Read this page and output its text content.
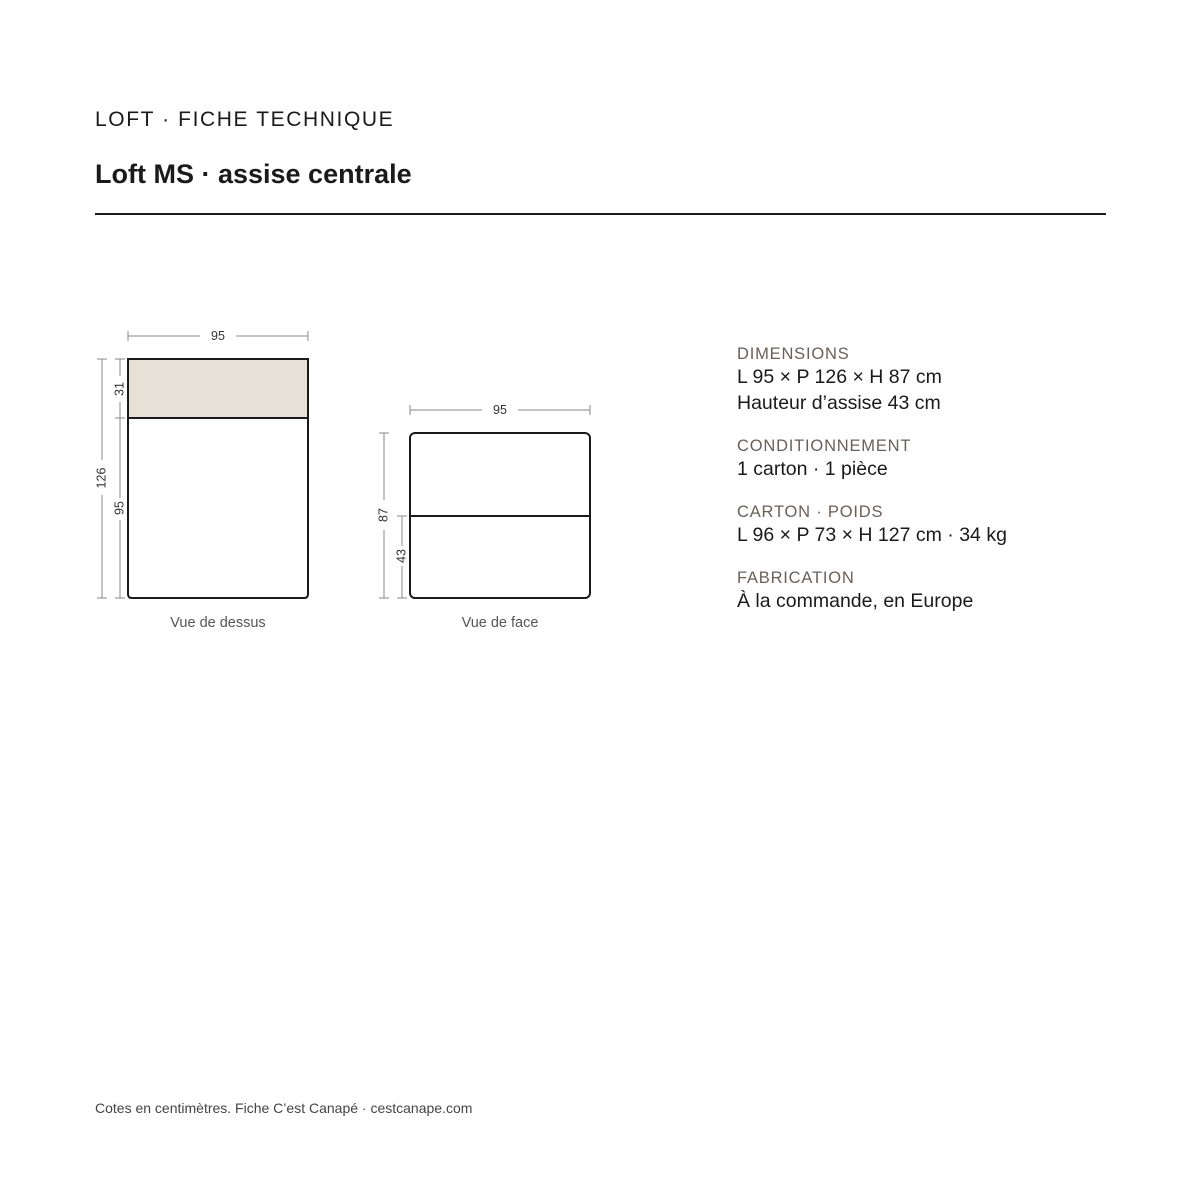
LOFT · FICHE TECHNIQUE
Loft MS · assise centrale
95
126
31
95
Vue de dessus
95
87
43
Vue de face
DIMENSIONS
L 95 × P 126 × H 87 cm
Hauteur d’assise 43 cm
CONDITIONNEMENT
1 carton · 1 pièce
CARTON · POIDS
L 96 × P 73 × H 127 cm · 34 kg
FABRICATION
À la commande, en Europe
Cotes en centimètres. Fiche C’est Canapé · cestcanape.com
